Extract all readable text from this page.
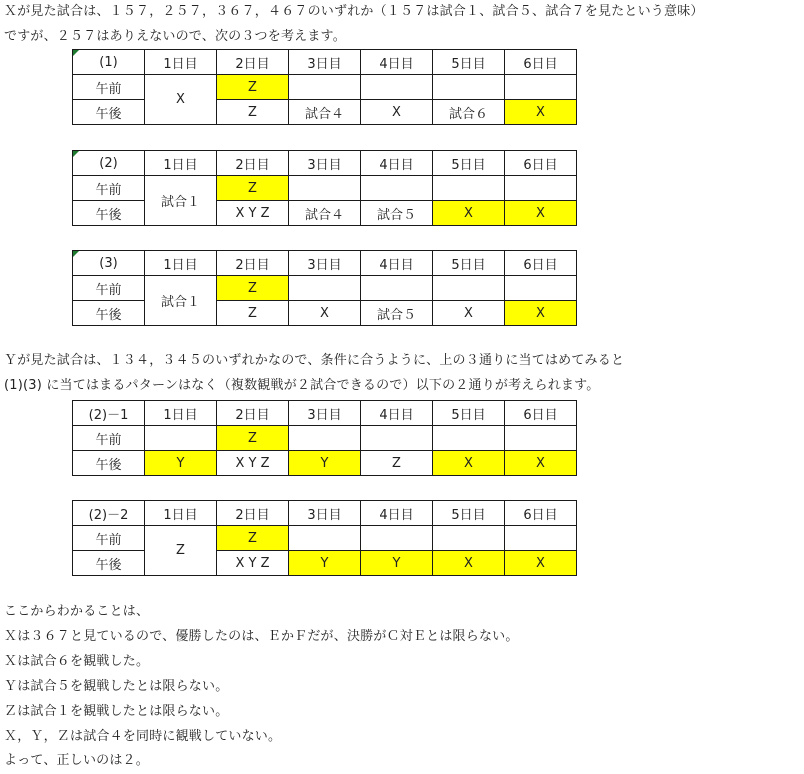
Ｘが見た試合は、１５７，２５７，３６７，４６７のいずれか（１５７は試合１、試合５、試合７を見たという意味）
ですが、２５７はありえないので、次の３つを考えます。
(1)	1日目	2日目	3日目	4日目	5日目	6日目
午前	X	Z				
午後		Z	試合４	X	試合６	X
(2)	1日目	2日目	3日目	4日目	5日目	6日目
午前	試合１	Z				
午後		X Y Z	試合４	試合５	X	X
(3)	1日目	2日目	3日目	4日目	5日目	6日目
午前	試合１	Z				
午後		Z	X	試合５	X	X
Ｙが見た試合は、１３４，３４５のいずれかなので、条件に合うように、上の３通りに当てはめてみると
(1)(3) に当てはまるパターンはなく（複数観戦が２試合できるので）以下の２通りが考えられます。
(2)－1	1日目	2日目	3日目	4日目	5日目	6日目
午前		Z				
午後	Y	X Y Z	Y	Z	X	X
(2)－2	1日目	2日目	3日目	4日目	5日目	6日目
午前	Z	Z				
午後		X Y Z	Y	Y	X	X
ここからわかることは、
Ｘは３６７と見ているので、優勝したのは、ＥかＦだが、決勝がＣ対Ｅとは限らない。
Ｘは試合６を観戦した。
Ｙは試合５を観戦したとは限らない。
Ｚは試合１を観戦したとは限らない。
Ｘ，Ｙ，Ｚは試合４を同時に観戦していない。
よって、正しいのは２。
